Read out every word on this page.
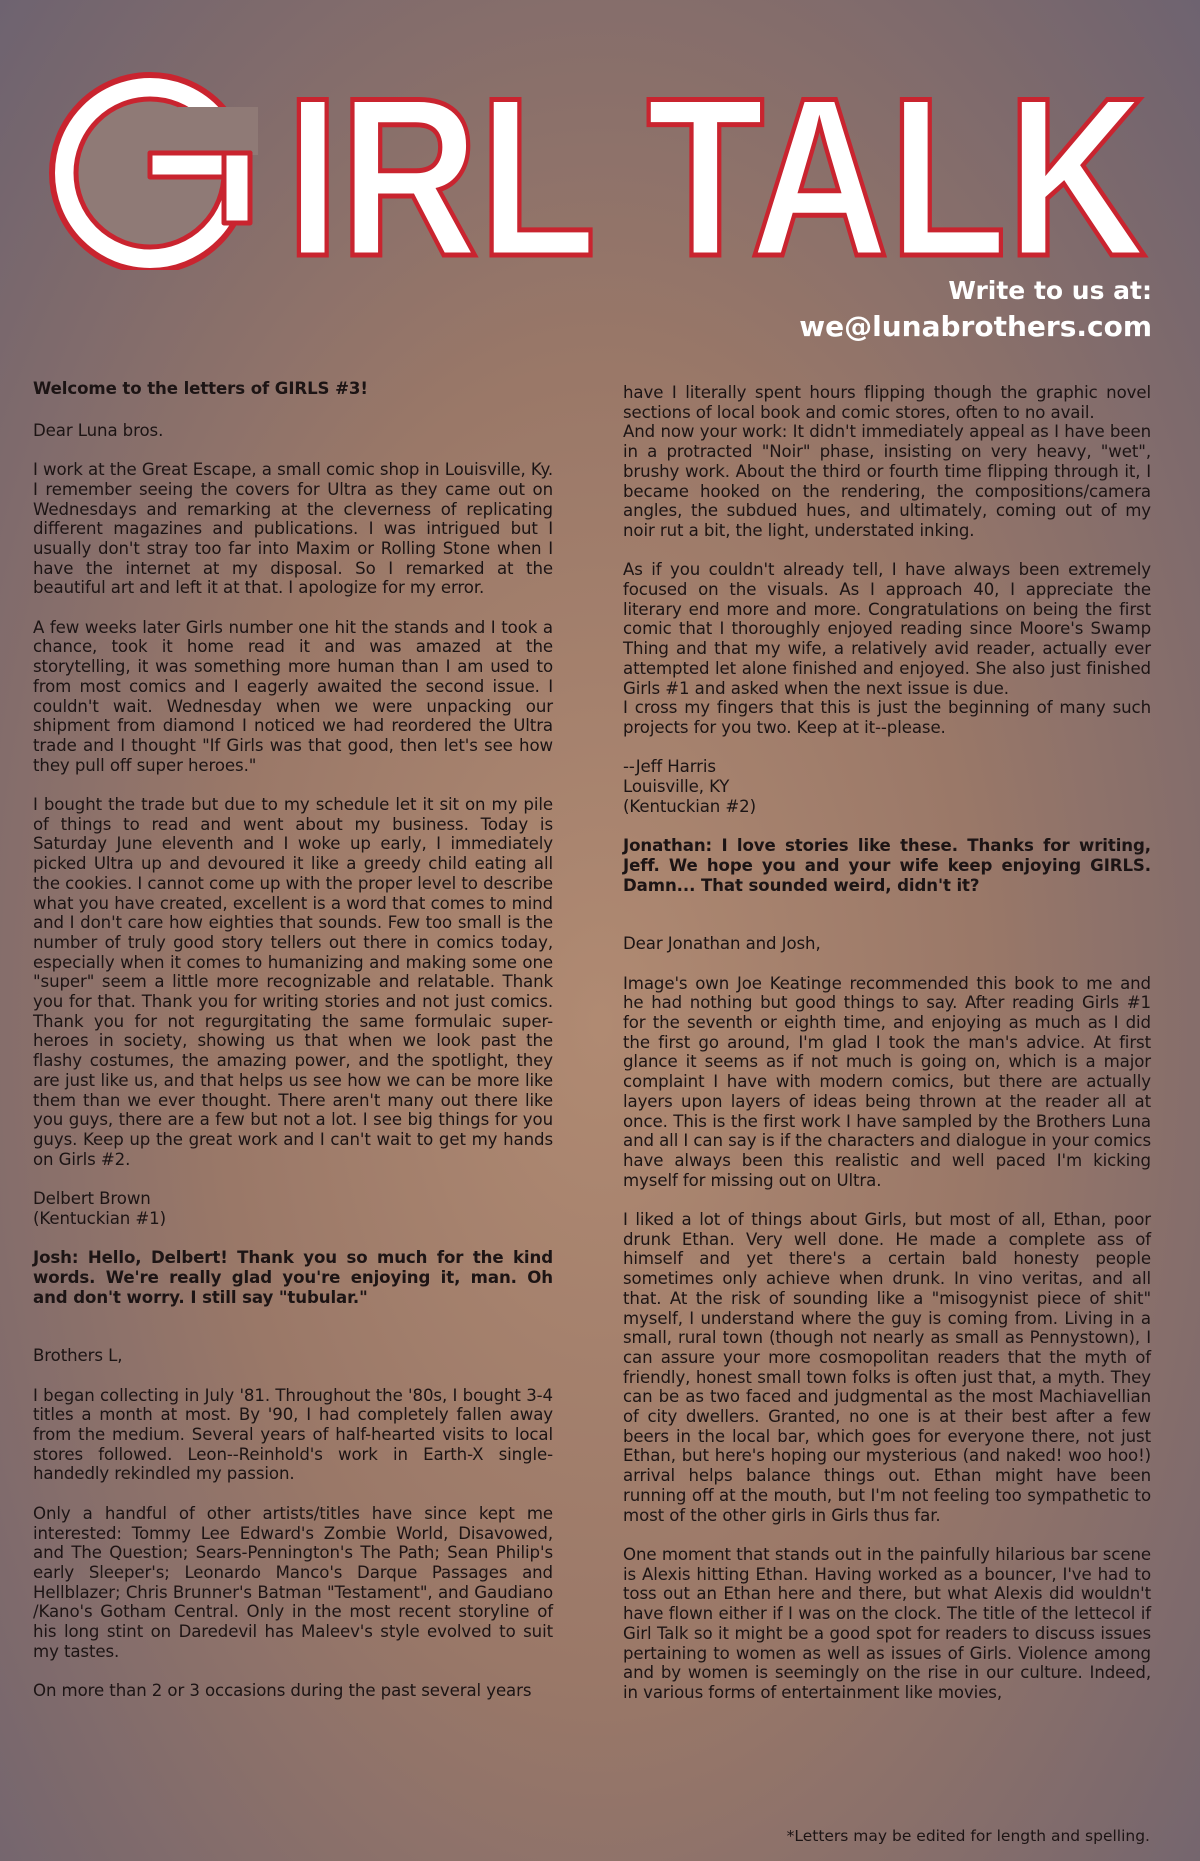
IRL TALK
Write to us at:
we@lunabrothers.com

Welcome to the letters of GIRLS #3!

Dear Luna bros.

I work at the Great Escape, a small comic shop in Louisville, Ky. I remember seeing the covers for Ultra as they came out on Wednesdays and remarking at the cleverness of replicating different magazines and publications. I was intrigued but I usually don't stray too far into Maxim or Rolling Stone when I have the internet at my disposal. So I remarked at the beautiful art and left it at that. I apologize for my error.

A few weeks later Girls number one hit the stands and I took a chance, took it home read it and was amazed at the storytelling, it was something more human than I am used to from most comics and I eagerly awaited the second issue. I couldn't wait. Wednesday when we were unpacking our shipment from diamond I noticed we had reordered the Ultra trade and I thought "If Girls was that good, then let's see how they pull off super heroes."

I bought the trade but due to my schedule let it sit on my pile of things to read and went about my business. Today is Saturday June eleventh and I woke up early, I immediately picked Ultra up and devoured it like a greedy child eating all the cookies. I cannot come up with the proper level to describe what you have created, excellent is a word that comes to mind and I don't care how eighties that sounds. Few too small is the number of truly good story tellers out there in comics today, especially when it comes to humanizing and making some one "super" seem a little more recognizable and relatable. Thank you for that. Thank you for writing stories and not just comics. Thank you for not regurgitating the same formulaic super-heroes in society, showing us that when we look past the flashy costumes, the amazing power, and the spotlight, they are just like us, and that helps us see how we can be more like them than we ever thought. There aren't many out there like you guys, there are a few but not a lot. I see big things for you guys. Keep up the great work and I can't wait to get my hands on Girls #2.

Delbert Brown
(Kentuckian #1)

Josh: Hello, Delbert! Thank you so much for the kind words. We're really glad you're enjoying it, man. Oh and don't worry. I still say "tubular."

Brothers L,

I began collecting in July '81. Throughout the '80s, I bought 3-4 titles a month at most. By '90, I had completely fallen away from the medium. Several years of half-hearted visits to local stores followed. Leon--Reinhold's work in Earth-X single-handedly rekindled my passion.

Only a handful of other artists/titles have since kept me interested: Tommy Lee Edward's Zombie World, Disavowed, and The Question; Sears-Pennington's The Path; Sean Philip's early Sleeper's; Leonardo Manco's Darque Passages and Hellblazer; Chris Brunner's Batman "Testament", and Gaudiano /Kano's Gotham Central. Only in the most recent storyline of his long stint on Daredevil has Maleev's style evolved to suit my tastes.

On more than 2 or 3 occasions during the past several years

have I literally spent hours flipping though the graphic novel sections of local book and comic stores, often to no avail.
And now your work: It didn't immediately appeal as I have been in a protracted "Noir" phase, insisting on very heavy, "wet", brushy work. About the third or fourth time flipping through it, I became hooked on the rendering, the compositions/camera angles, the subdued hues, and ultimately, coming out of my noir rut a bit, the light, understated inking.

As if you couldn't already tell, I have always been extremely focused on the visuals. As I approach 40, I appreciate the literary end more and more. Congratulations on being the first comic that I thoroughly enjoyed reading since Moore's Swamp Thing and that my wife, a relatively avid reader, actually ever attempted let alone finished and enjoyed. She also just finished Girls #1 and asked when the next issue is due.
I cross my fingers that this is just the beginning of many such projects for you two. Keep at it--please.

--Jeff Harris
Louisville, KY
(Kentuckian #2)

Jonathan: I love stories like these. Thanks for writing, Jeff. We hope you and your wife keep enjoying GIRLS. Damn... That sounded weird, didn't it?

Dear Jonathan and Josh,

Image's own Joe Keatinge recommended this book to me and he had nothing but good things to say. After reading Girls #1 for the seventh or eighth time, and enjoying as much as I did the first go around, I'm glad I took the man's advice. At first glance it seems as if not much is going on, which is a major complaint I have with modern comics, but there are actually layers upon layers of ideas being thrown at the reader all at once. This is the first work I have sampled by the Brothers Luna and all I can say is if the characters and dialogue in your comics have always been this realistic and well paced I'm kicking myself for missing out on Ultra.

I liked a lot of things about Girls, but most of all, Ethan, poor drunk Ethan. Very well done. He made a complete ass of himself and yet there's a certain bald honesty people sometimes only achieve when drunk. In vino veritas, and all that. At the risk of sounding like a "misogynist piece of shit" myself, I understand where the guy is coming from. Living in a small, rural town (though not nearly as small as Pennystown), I can assure your more cosmopolitan readers that the myth of friendly, honest small town folks is often just that, a myth. They can be as two faced and judgmental as the most Machiavellian of city dwellers. Granted, no one is at their best after a few beers in the local bar, which goes for everyone there, not just Ethan, but here's hoping our mysterious (and naked! woo hoo!) arrival helps balance things out. Ethan might have been running off at the mouth, but I'm not feeling too sympathetic to most of the other girls in Girls thus far.

One moment that stands out in the painfully hilarious bar scene is Alexis hitting Ethan. Having worked as a bouncer, I've had to toss out an Ethan here and there, but what Alexis did wouldn't have flown either if I was on the clock. The title of the lettecol if Girl Talk so it might be a good spot for readers to discuss issues pertaining to women as well as issues of Girls. Violence among and by women is seemingly on the rise in our culture. Indeed, in various forms of entertainment like movies,

*Letters may be edited for length and spelling.
